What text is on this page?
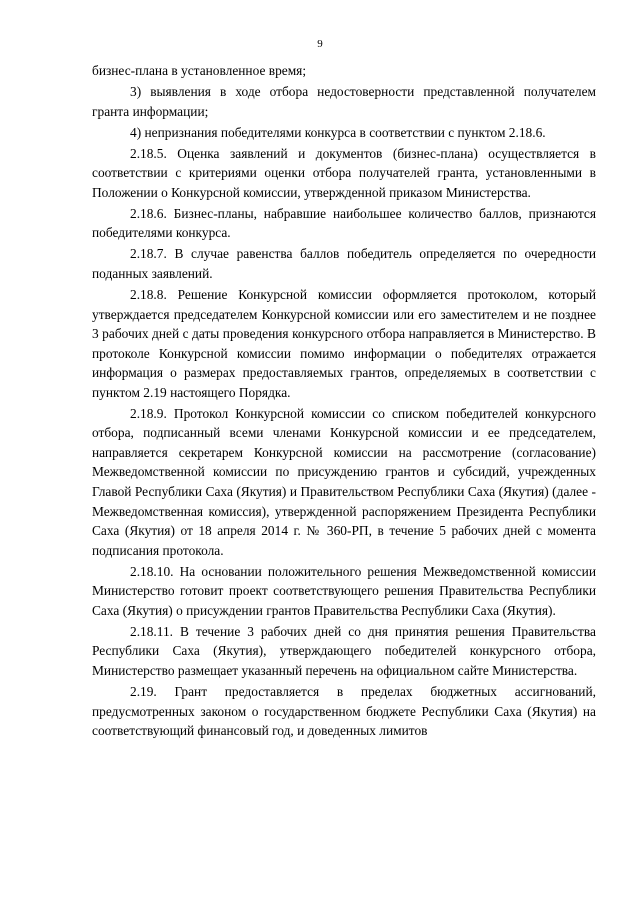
9

бизнес-плана в установленное время;

3) выявления в ходе отбора недостоверности представленной получателем гранта информации;

4) непризнания победителями конкурса в соответствии с пунктом 2.18.6.

2.18.5. Оценка заявлений и документов (бизнес-плана) осуществляется в соответствии с критериями оценки отбора получателей гранта, установленными в Положении о Конкурсной комиссии, утвержденной приказом Министерства.

2.18.6. Бизнес-планы, набравшие наибольшее количество баллов, признаются победителями конкурса.

2.18.7. В случае равенства баллов победитель определяется по очередности поданных заявлений.

2.18.8. Решение Конкурсной комиссии оформляется протоколом, который утверждается председателем Конкурсной комиссии или его заместителем и не позднее 3 рабочих дней с даты проведения конкурсного отбора направляется в Министерство. В протоколе Конкурсной комиссии помимо информации о победителях отражается информация о размерах предоставляемых грантов, определяемых в соответствии с пунктом 2.19 настоящего Порядка.

2.18.9. Протокол Конкурсной комиссии со списком победителей конкурсного отбора, подписанный всеми членами Конкурсной комиссии и ее председателем, направляется секретарем Конкурсной комиссии на рассмотрение (согласование) Межведомственной комиссии по присуждению грантов и субсидий, учрежденных Главой Республики Саха (Якутия) и Правительством Республики Саха (Якутия) (далее - Межведомственная комиссия), утвержденной распоряжением Президента Республики Саха (Якутия) от 18 апреля 2014 г. № 360-РП, в течение 5 рабочих дней с момента подписания протокола.

2.18.10. На основании положительного решения Межведомственной комиссии Министерство готовит проект соответствующего решения Правительства Республики Саха (Якутия) о присуждении грантов Правительства Республики Саха (Якутия).

2.18.11. В течение 3 рабочих дней со дня принятия решения Правительства Республики Саха (Якутия), утверждающего победителей конкурсного отбора, Министерство размещает указанный перечень на официальном сайте Министерства.

2.19. Грант предоставляется в пределах бюджетных ассигнований, предусмотренных законом о государственном бюджете Республики Саха (Якутия) на соответствующий финансовый год, и доведенных лимитов
